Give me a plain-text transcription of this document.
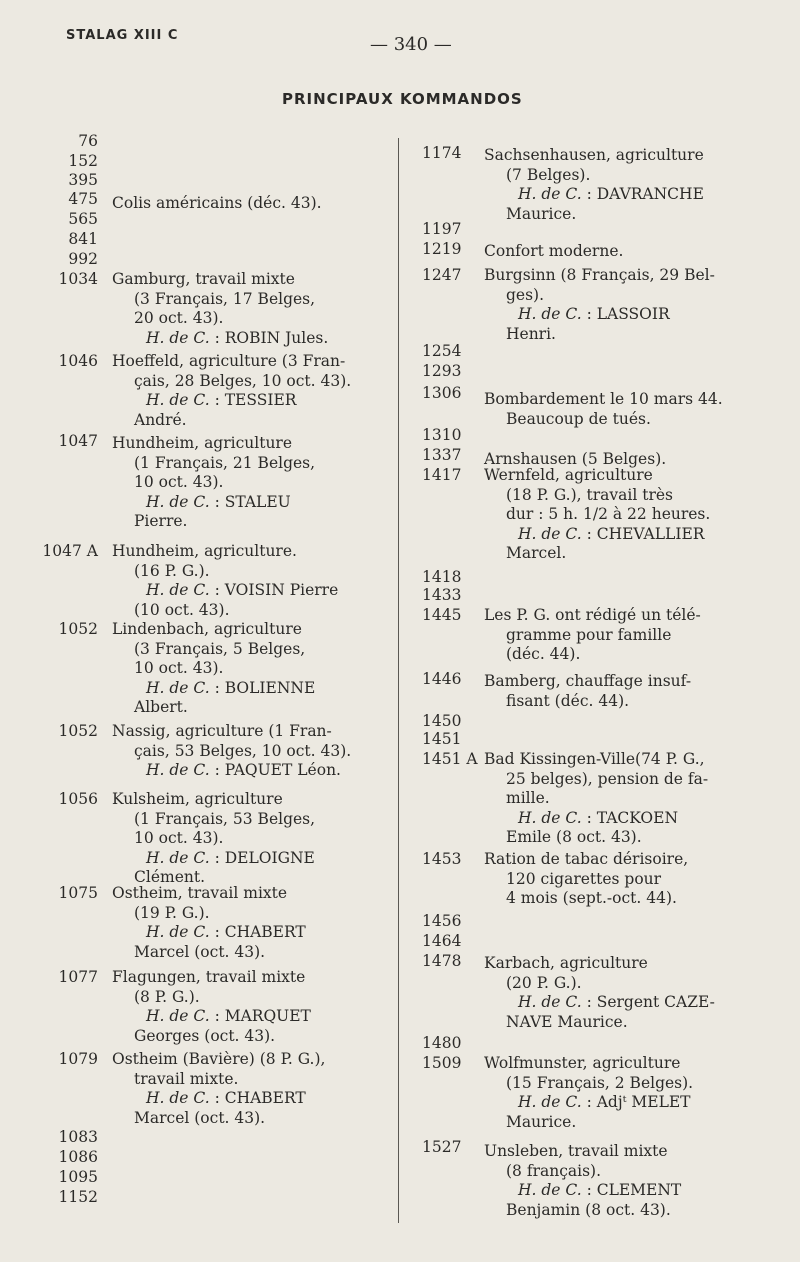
STALAG XIII C	— 340 —
PRINCIPAUX KOMMANDOS
76
152
395
475
565
841
992
1034
1046
1047
1047 A
1052
1052
1056
1075
1077
1079
1083
1086
1095
1152
Colis américains (déc. 43).
Gamburg, travail mixte
(3 Français, 17 Belges,
20 oct. 43).
H. de C. : ROBIN Jules.
Hoeffeld, agriculture (3 Fran-
çais, 28 Belges, 10 oct. 43).
H. de C. : TESSIER
André.
Hundheim, agriculture
(1 Français, 21 Belges,
10 oct. 43).
H. de C. : STALEU
Pierre.
Hundheim, agriculture.
(16 P. G.).
H. de C. : VOISIN Pierre
(10 oct. 43).
Lindenbach, agriculture
(3 Français, 5 Belges,
10 oct. 43).
H. de C. : BOLIENNE
Albert.
Nassig, agriculture (1 Fran-
çais, 53 Belges, 10 oct. 43).
H. de C. : PAQUET Léon.
Kulsheim, agriculture
(1 Français, 53 Belges,
10 oct. 43).
H. de C. : DELOIGNE
Clément.
Ostheim, travail mixte
(19 P. G.).
H. de C. : CHABERT
Marcel (oct. 43).
Flagungen, travail mixte
(8 P. G.).
H. de C. : MARQUET
Georges (oct. 43).
Ostheim (Bavière) (8 P. G.),
travail mixte.
H. de C. : CHABERT
Marcel (oct. 43).
1174
1197
1219
1247
1254
1293
1306
1310
1337
1417
1418
1433
1445
1446
1450
1451
1451 A
1453
1456
1464
1478
1480
1509
1527
Sachsenhausen, agriculture
(7 Belges).
H. de C. : DAVRANCHE
Maurice.
Confort moderne.
Burgsinn (8 Français, 29 Bel-
ges).
H. de C. : LASSOIR
Henri.
Bombardement le 10 mars 44.
Beaucoup de tués.
Arnshausen (5 Belges).
Wernfeld, agriculture
(18 P. G.), travail très
dur : 5 h. 1/2 à 22 heures.
H. de C. : CHEVALLIER
Marcel.
Les P. G. ont rédigé un télé-
gramme pour famille
(déc. 44).
Bamberg, chauffage insuf-
fisant (déc. 44).
Bad Kissingen-Ville(74 P. G.,
25 belges), pension de fa-
mille.
H. de C. : TACKOEN
Emile (8 oct. 43).
Ration de tabac dérisoire,
120 cigarettes pour
4 mois (sept.-oct. 44).
Karbach, agriculture
(20 P. G.).
H. de C. : Sergent CAZE-
NAVE Maurice.
Wolfmunster, agriculture
(15 Français, 2 Belges).
H. de C. : Adjᵗ MELET
Maurice.
Unsleben, travail mixte
(8 français).
H. de C. : CLEMENT
Benjamin (8 oct. 43).
